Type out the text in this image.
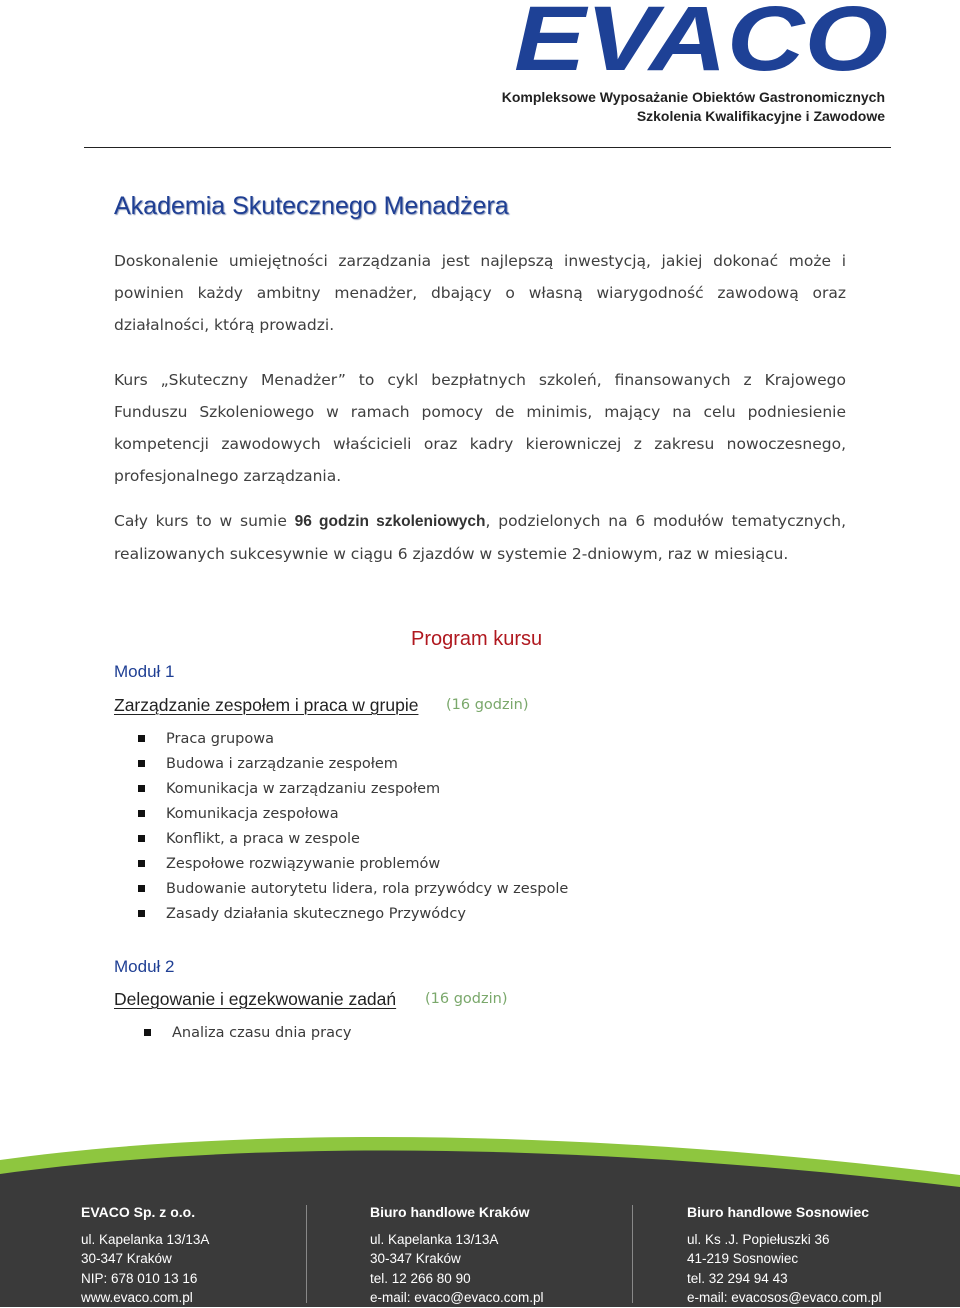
EVACO
Kompleksowe Wyposażanie Obiektów Gastronomicznych
Szkolenia Kwalifikacyjne i Zawodowe
Akademia Skutecznego Menadżera
Doskonalenie umiejętności zarządzania jest najlepszą inwestycją, jakiej dokonać może i powinien każdy ambitny menadżer, dbający o własną wiarygodność zawodową oraz działalności, którą prowadzi.
Kurs „Skuteczny Menadżer” to cykl bezpłatnych szkoleń, finansowanych z Krajowego Funduszu Szkoleniowego w ramach pomocy de minimis, mający na celu podniesienie kompetencji zawodowych właścicieli oraz kadry kierowniczej z zakresu nowoczesnego, profesjonalnego zarządzania.
Cały kurs to w sumie 96 godzin szkoleniowych, podzielonych na 6 modułów tematycznych, realizowanych sukcesywnie w ciągu 6 zjazdów w systemie 2-dniowym, raz w miesiącu.
Program kursu
Moduł 1
Zarządzanie zespołem i praca w grupie (16 godzin)
Praca grupowa
Budowa i zarządzanie zespołem
Komunikacja w zarządzaniu zespołem
Komunikacja zespołowa
Konflikt, a praca w zespole
Zespołowe rozwiązywanie problemów
Budowanie autorytetu lidera, rola przywódcy w zespole
Zasady działania skutecznego Przywódcy
Moduł 2
Delegowanie i egzekwowanie zadań (16 godzin)
Analiza czasu dnia pracy
EVACO Sp. z o.o.
ul. Kapelanka 13/13A
30-347 Kraków
NIP: 678 010 13 16
www.evaco.com.pl
Biuro handlowe Kraków
ul. Kapelanka 13/13A
30-347 Kraków
tel. 12 266 80 90
e-mail: evaco@evaco.com.pl
Biuro handlowe Sosnowiec
ul. Ks .J. Popiełuszki 36
41-219 Sosnowiec
tel. 32 294 94 43
e-mail: evacosos@evaco.com.pl
